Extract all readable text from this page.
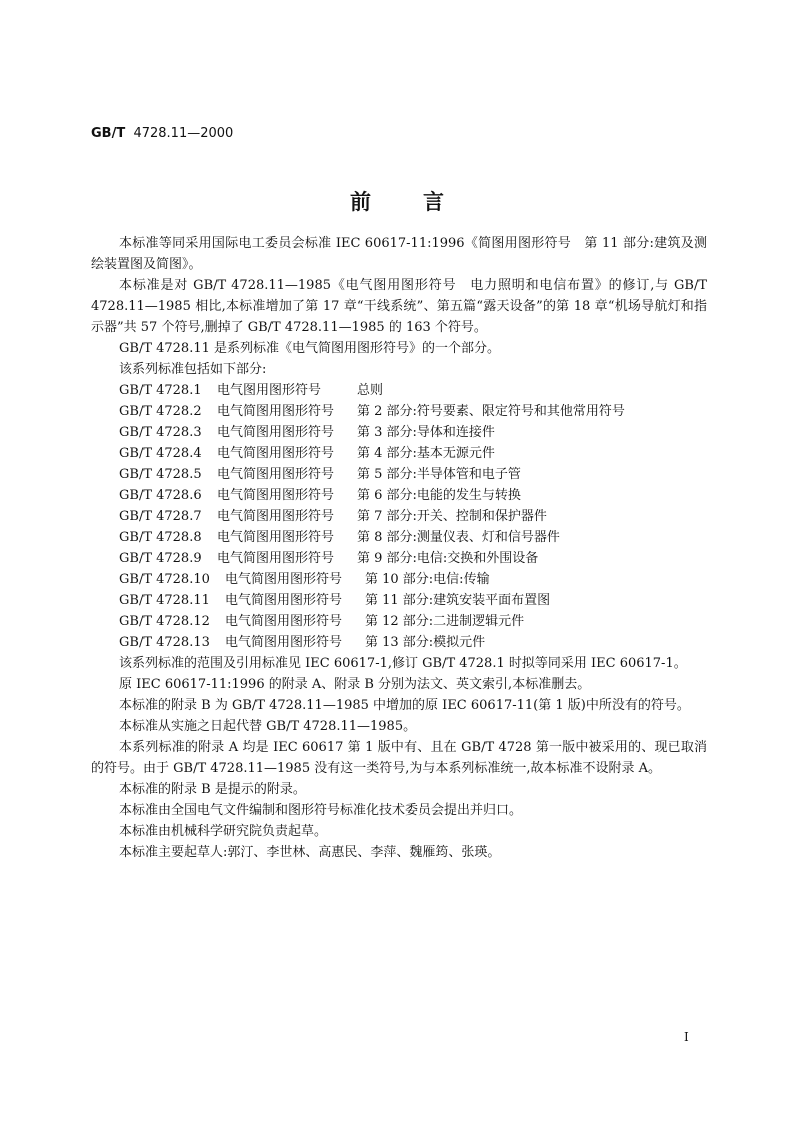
GB/T 4728.11—2000
前言

本标准等同采用国际电工委员会标准 IEC 60617-11:1996《简图用图形符号　第 11 部分:建筑及测绘装置图及简图》。

本标准是对 GB/T 4728.11—1985《电气图用图形符号　电力照明和电信布置》的修订,与 GB/T 4728.11—1985 相比,本标准增加了第 17 章“干线系统”、第五篇“露天设备”的第 18 章“机场导航灯和指示器”共 57 个符号,删掉了 GB/T 4728.11—1985 的 163 个符号。

GB/T 4728.11 是系列标准《电气简图用图形符号》的一个部分。

该系列标准包括如下部分:

GB/T 4728.1 电气图用图形符号	总则
GB/T 4728.2 电气简图用图形符号 第 2 部分:符号要素、限定符号和其他常用符号
GB/T 4728.3 电气简图用图形符号 第 3 部分:导体和连接件
GB/T 4728.4 电气简图用图形符号 第 4 部分:基本无源元件
GB/T 4728.5 电气简图用图形符号 第 5 部分:半导体管和电子管
GB/T 4728.6 电气简图用图形符号 第 6 部分:电能的发生与转换
GB/T 4728.7 电气简图用图形符号 第 7 部分:开关、控制和保护器件
GB/T 4728.8 电气简图用图形符号 第 8 部分:测量仪表、灯和信号器件
GB/T 4728.9 电气简图用图形符号 第 9 部分:电信:交换和外围设备
GB/T 4728.10 电气简图用图形符号 第 10 部分:电信:传输
GB/T 4728.11 电气简图用图形符号 第 11 部分:建筑安装平面布置图
GB/T 4728.12 电气简图用图形符号 第 12 部分:二进制逻辑元件
GB/T 4728.13 电气简图用图形符号 第 13 部分:模拟元件

该系列标准的范围及引用标准见 IEC 60617-1,修订 GB/T 4728.1 时拟等同采用 IEC 60617-1。

原 IEC 60617-11:1996 的附录 A、附录 B 分别为法文、英文索引,本标准删去。

本标准的附录 B 为 GB/T 4728.11—1985 中增加的原 IEC 60617-11(第 1 版)中所没有的符号。

本标准从实施之日起代替 GB/T 4728.11—1985。

本系列标准的附录 A 均是 IEC 60617 第 1 版中有、且在 GB/T 4728 第一版中被采用的、现已取消的符号。由于 GB/T 4728.11—1985 没有这一类符号,为与本系列标准统一,故本标准不设附录 A。

本标准的附录 B 是提示的附录。

本标准由全国电气文件编制和图形符号标准化技术委员会提出并归口。

本标准由机械科学研究院负责起草。

本标准主要起草人:郭汀、李世林、高惠民、李萍、魏雁筠、张瑛。

I
